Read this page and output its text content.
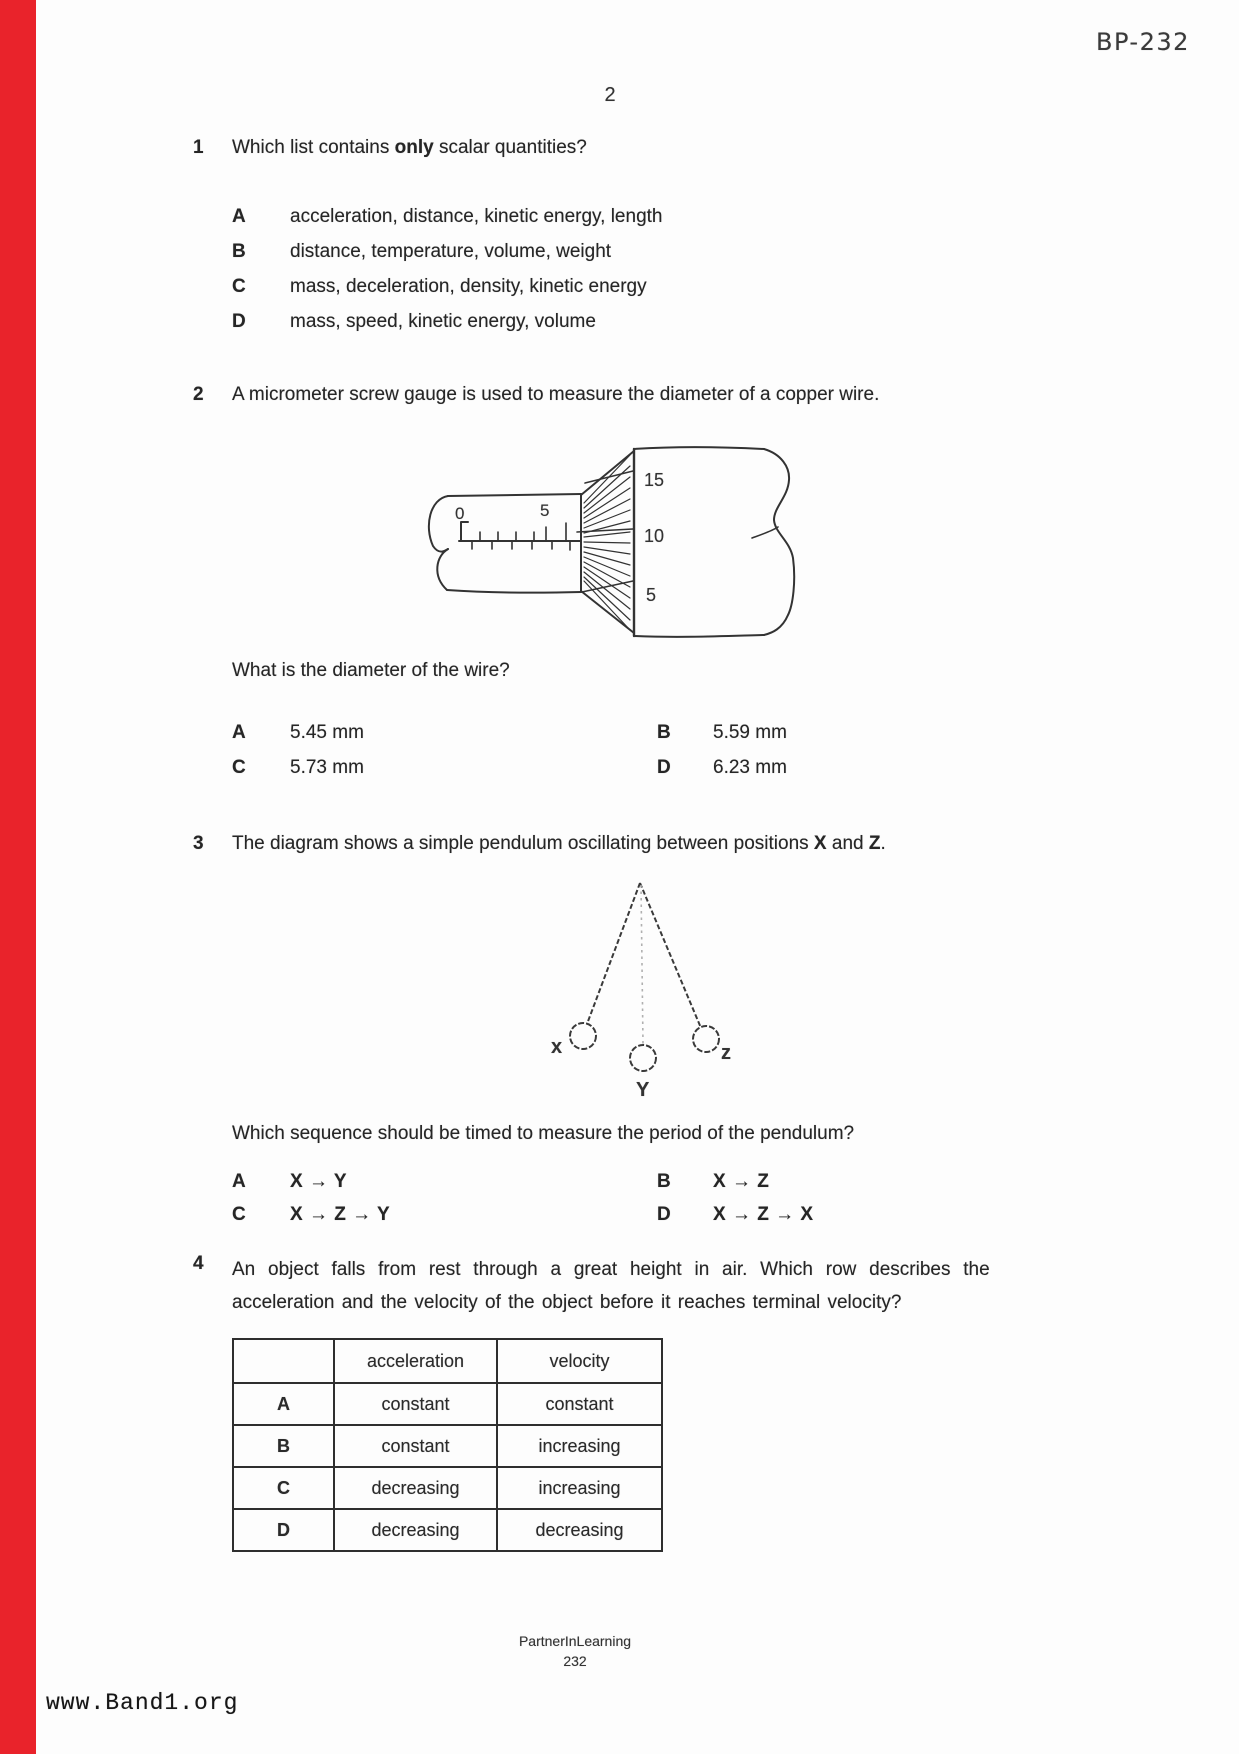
BP-232
2
1 Which list contains only scalar quantities?
A acceleration, distance, kinetic energy, length
B distance, temperature, volume, weight
C mass, deceleration, density, kinetic energy
D mass, speed, kinetic energy, volume
2 A micrometer screw gauge is used to measure the diameter of a copper wire.
0	5
15
10
5
What is the diameter of the wire?
A 5.45 mm	B 5.59 mm
C 5.73 mm	D 6.23 mm
3 The diagram shows a simple pendulum oscillating between positions X and Z.
x
Y
z
Which sequence should be timed to measure the period of the pendulum?
A X → Y	B X → Z
C X → Z → Y	D X → Z → X
4 An object falls from rest through a great height in air. Which row describes the
acceleration and the velocity of the object before it reaches terminal velocity?
	acceleration	velocity
A	constant	constant
B	constant	increasing
C	decreasing	increasing
D	decreasing	decreasing
PartnerInLearning
232
www.Band1.org
